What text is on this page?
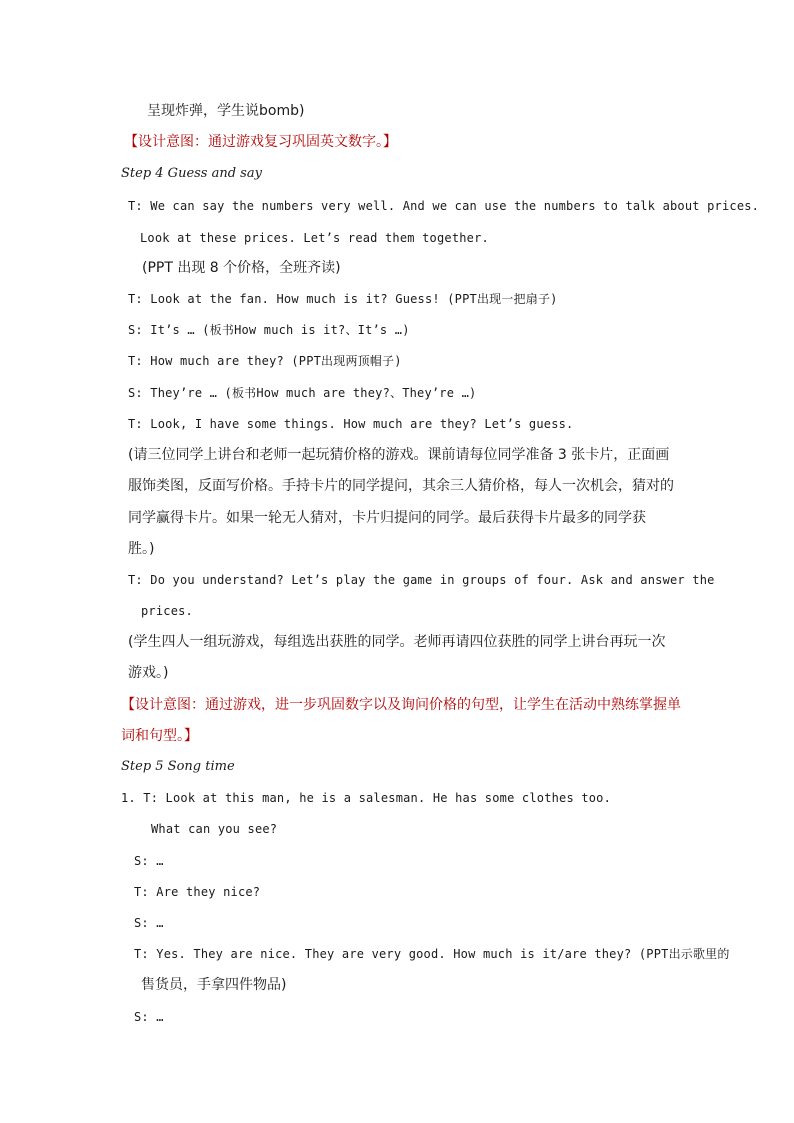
呈现炸弹，学生说bomb)
【设计意图：通过游戏复习巩固英文数字。】
Step 4 Guess and say
T: We can say the numbers very well. And we can use the numbers to talk about prices.
Look at these prices. Let’s read them together.
(PPT 出现 8 个价格，全班齐读)
T: Look at the fan. How much is it? Guess! (PPT出现一把扇子)
S: It’s … (板书How much is it?、It’s …)
T: How much are they? (PPT出现两顶帽子)
S: They’re … (板书How much are they?、They’re …)
T: Look, I have some things. How much are they? Let’s guess.
(请三位同学上讲台和老师一起玩猜价格的游戏。课前请每位同学准备 3 张卡片，正面画
服饰类图，反面写价格。手持卡片的同学提问，其余三人猜价格，每人一次机会，猜对的
同学赢得卡片。如果一轮无人猜对，卡片归提问的同学。最后获得卡片最多的同学获
胜。)
T: Do you understand? Let’s play the game in groups of four. Ask and answer the
prices.
(学生四人一组玩游戏，每组选出获胜的同学。老师再请四位获胜的同学上讲台再玩一次
游戏。)
【设计意图：通过游戏，进一步巩固数字以及询问价格的句型，让学生在活动中熟练掌握单
词和句型。】
Step 5 Song time
1. T: Look at this man, he is a salesman. He has some clothes too.
What can you see?
S: …
T: Are they nice?
S: …
T: Yes. They are nice. They are very good. How much is it/are they? (PPT出示歌里的
售货员，手拿四件物品)
S: …
